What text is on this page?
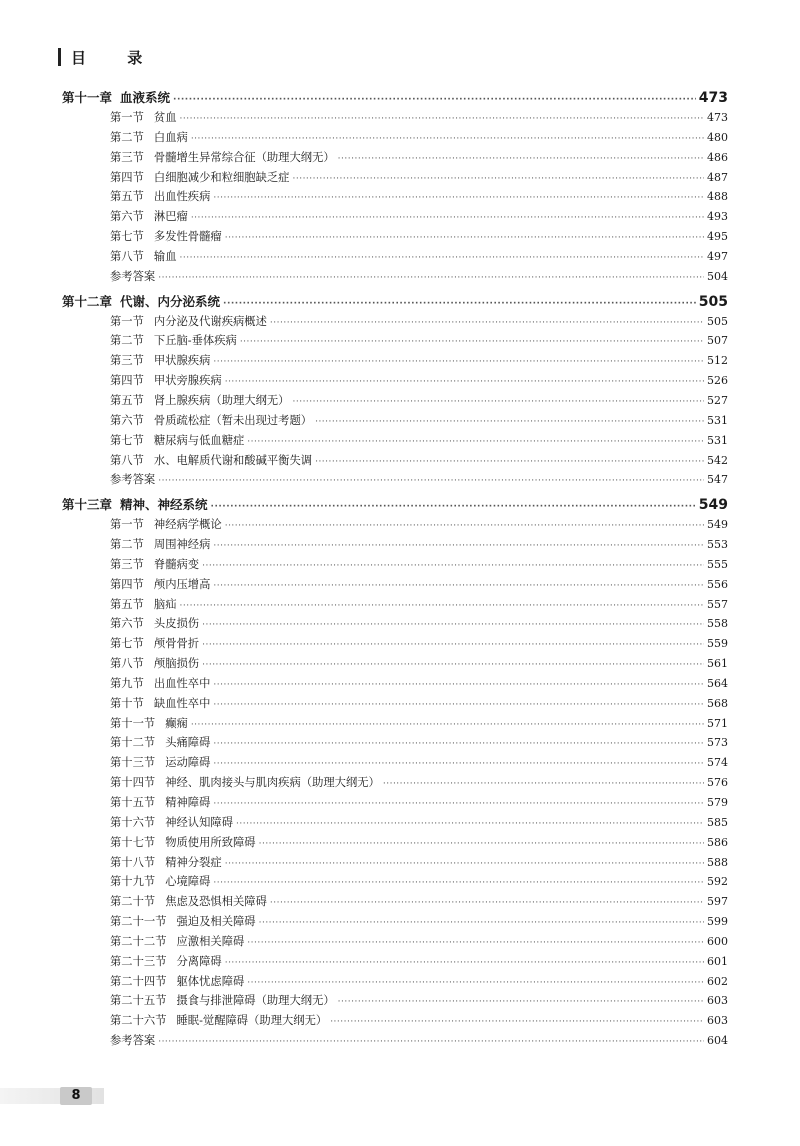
目 录
第十一章 血液系统 ·····	473
第一节 贫血 ·····	473
第二节 白血病 ·····	480
第三节 骨髓增生异常综合征（助理大纲无） ·····	486
第四节 白细胞减少和粒细胞缺乏症 ·····	487
第五节 出血性疾病 ·····	488
第六节 淋巴瘤 ·····	493
第七节 多发性骨髓瘤 ·····	495
第八节 输血 ·····	497
参考答案 ·····	504
第十二章 代谢、内分泌系统 ·····	505
第一节 内分泌及代谢疾病概述 ·····	505
第二节 下丘脑-垂体疾病 ·····	507
第三节 甲状腺疾病 ·····	512
第四节 甲状旁腺疾病 ·····	526
第五节 肾上腺疾病（助理大纲无） ·····	527
第六节 骨质疏松症（暂未出现过考题） ·····	531
第七节 糖尿病与低血糖症 ·····	531
第八节 水、电解质代谢和酸碱平衡失调 ·····	542
参考答案 ·····	547
第十三章 精神、神经系统 ·····	549
第一节 神经病学概论 ·····	549
第二节 周围神经病 ·····	553
第三节 脊髓病变 ·····	555
第四节 颅内压增高 ·····	556
第五节 脑疝 ·····	557
第六节 头皮损伤 ·····	558
第七节 颅骨骨折 ·····	559
第八节 颅脑损伤 ·····	561
第九节 出血性卒中 ·····	564
第十节 缺血性卒中 ·····	568
第十一节 癫痫 ·····	571
第十二节 头痛障碍 ·····	573
第十三节 运动障碍 ·····	574
第十四节 神经、肌肉接头与肌肉疾病（助理大纲无） ·····	576
第十五节 精神障碍 ·····	579
第十六节 神经认知障碍 ·····	585
第十七节 物质使用所致障碍 ·····	586
第十八节 精神分裂症 ·····	588
第十九节 心境障碍 ·····	592
第二十节 焦虑及恐惧相关障碍 ·····	597
第二十一节 强迫及相关障碍 ·····	599
第二十二节 应激相关障碍 ·····	600
第二十三节 分离障碍 ·····	601
第二十四节 躯体忧虑障碍 ·····	602
第二十五节 摄食与排泄障碍（助理大纲无） ·····	603
第二十六节 睡眠-觉醒障碍（助理大纲无） ·····	603
参考答案 ·····	604
8
